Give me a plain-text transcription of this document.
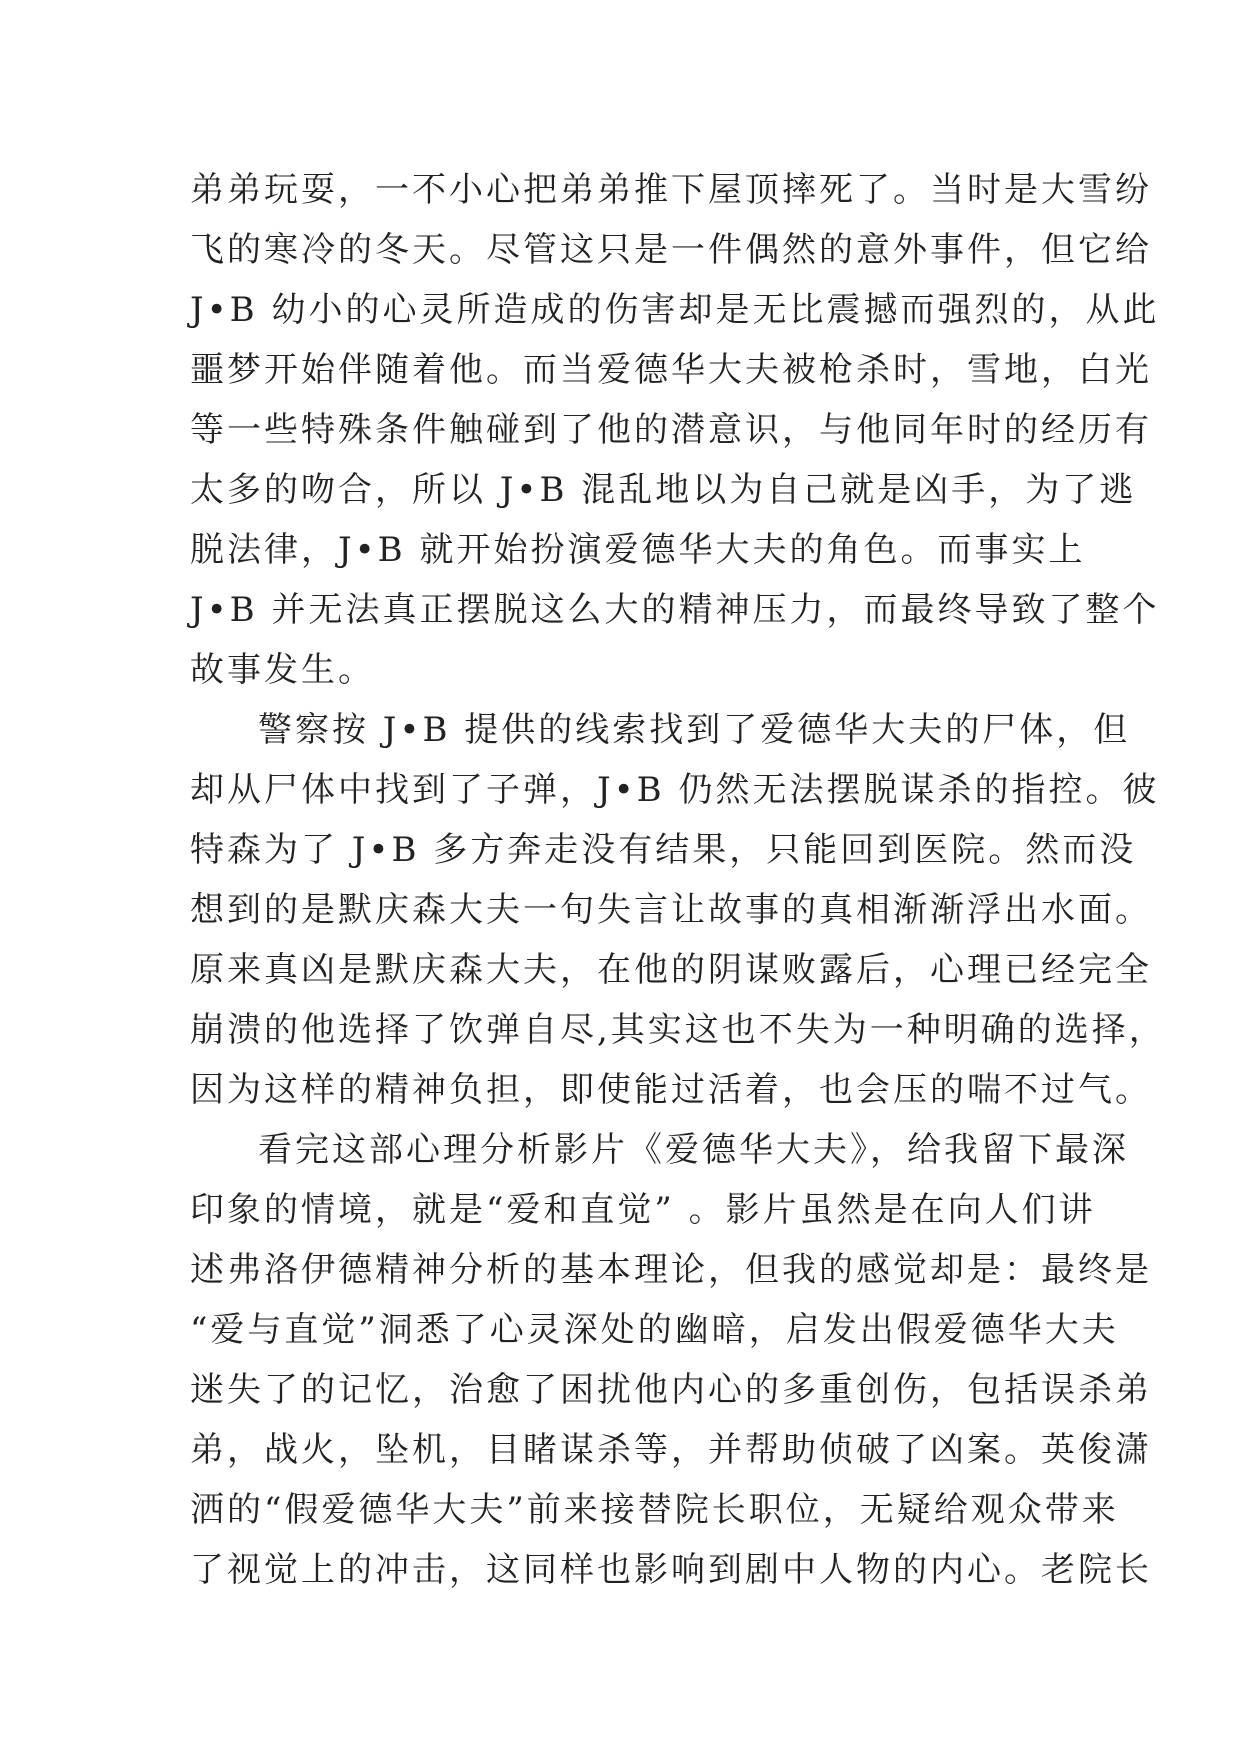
弟弟玩耍，一不小心把弟弟推下屋顶摔死了。当时是大雪纷
飞的寒冷的冬天。尽管这只是一件偶然的意外事件，但它给
J•B 幼小的心灵所造成的伤害却是无比震撼而强烈的，从此
噩梦开始伴随着他。而当爱德华大夫被枪杀时，雪地，白光
等一些特殊条件触碰到了他的潜意识，与他同年时的经历有
太多的吻合，所以 J•B 混乱地以为自己就是凶手，为了逃
脱法律，J•B 就开始扮演爱德华大夫的角色。而事实上
J•B 并无法真正摆脱这么大的精神压力，而最终导致了整个
故事发生。
警察按 J•B 提供的线索找到了爱德华大夫的尸体，但
却从尸体中找到了子弹，J•B 仍然无法摆脱谋杀的指控。彼
特森为了 J•B 多方奔走没有结果，只能回到医院。然而没
想到的是默庆森大夫一句失言让故事的真相渐渐浮出水面。
原来真凶是默庆森大夫，在他的阴谋败露后，心理已经完全
崩溃的他选择了饮弹自尽,其实这也不失为一种明确的选择，
因为这样的精神负担，即使能过活着，也会压的喘不过气。
看完这部心理分析影片《爱德华大夫》，给我留下最深
印象的情境，就是“爱和直觉” 。影片虽然是在向人们讲
述弗洛伊德精神分析的基本理论，但我的感觉却是：最终是
“爱与直觉”洞悉了心灵深处的幽暗，启发出假爱德华大夫
迷失了的记忆，治愈了困扰他内心的多重创伤，包括误杀弟
弟，战火，坠机，目睹谋杀等，并帮助侦破了凶案。英俊潇
洒的“假爱德华大夫”前来接替院长职位，无疑给观众带来
了视觉上的冲击，这同样也影响到剧中人物的内心。老院长
